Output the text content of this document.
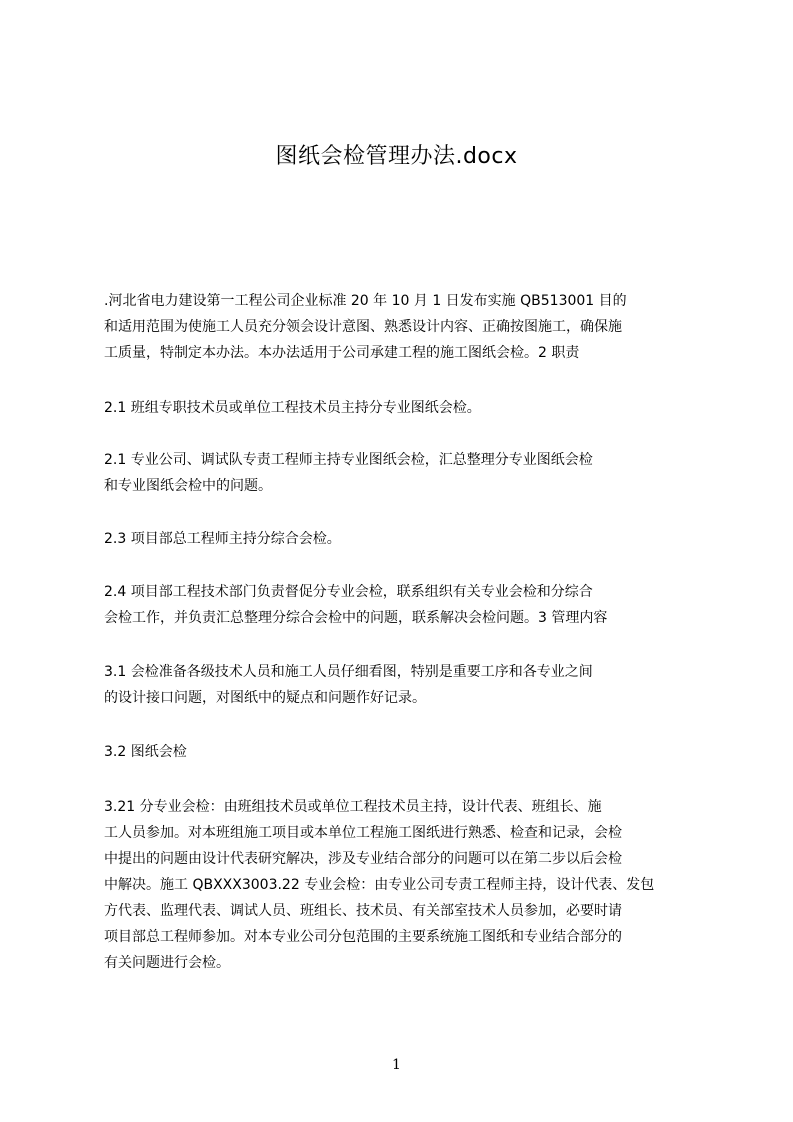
图纸会检管理办法.docx
.河北省电力建设第一工程公司企业标准 20 年 10 月 1 日发布实施 QB513001 目的
和适用范围为使施工人员充分领会设计意图、熟悉设计内容、正确按图施工，确保施
工质量，特制定本办法。本办法适用于公司承建工程的施工图纸会检。2 职责
2.1 班组专职技术员或单位工程技术员主持分专业图纸会检。
2.1 专业公司、调试队专责工程师主持专业图纸会检，汇总整理分专业图纸会检
和专业图纸会检中的问题。
2.3 项目部总工程师主持分综合会检。
2.4 项目部工程技术部门负责督促分专业会检，联系组织有关专业会检和分综合
会检工作，并负责汇总整理分综合会检中的问题，联系解决会检问题。3 管理内容
3.1 会检准备各级技术人员和施工人员仔细看图，特别是重要工序和各专业之间
的设计接口问题，对图纸中的疑点和问题作好记录。
3.2 图纸会检
3.21 分专业会检：由班组技术员或单位工程技术员主持，设计代表、班组长、施
工人员参加。对本班组施工项目或本单位工程施工图纸进行熟悉、检查和记录，会检
中提出的问题由设计代表研究解决，涉及专业结合部分的问题可以在第二步以后会检
中解决。施工 QBXXX3003.22 专业会检：由专业公司专责工程师主持，设计代表、发包
方代表、监理代表、调试人员、班组长、技术员、有关部室技术人员参加，必要时请
项目部总工程师参加。对本专业公司分包范围的主要系统施工图纸和专业结合部分的
有关问题进行会检。
1
